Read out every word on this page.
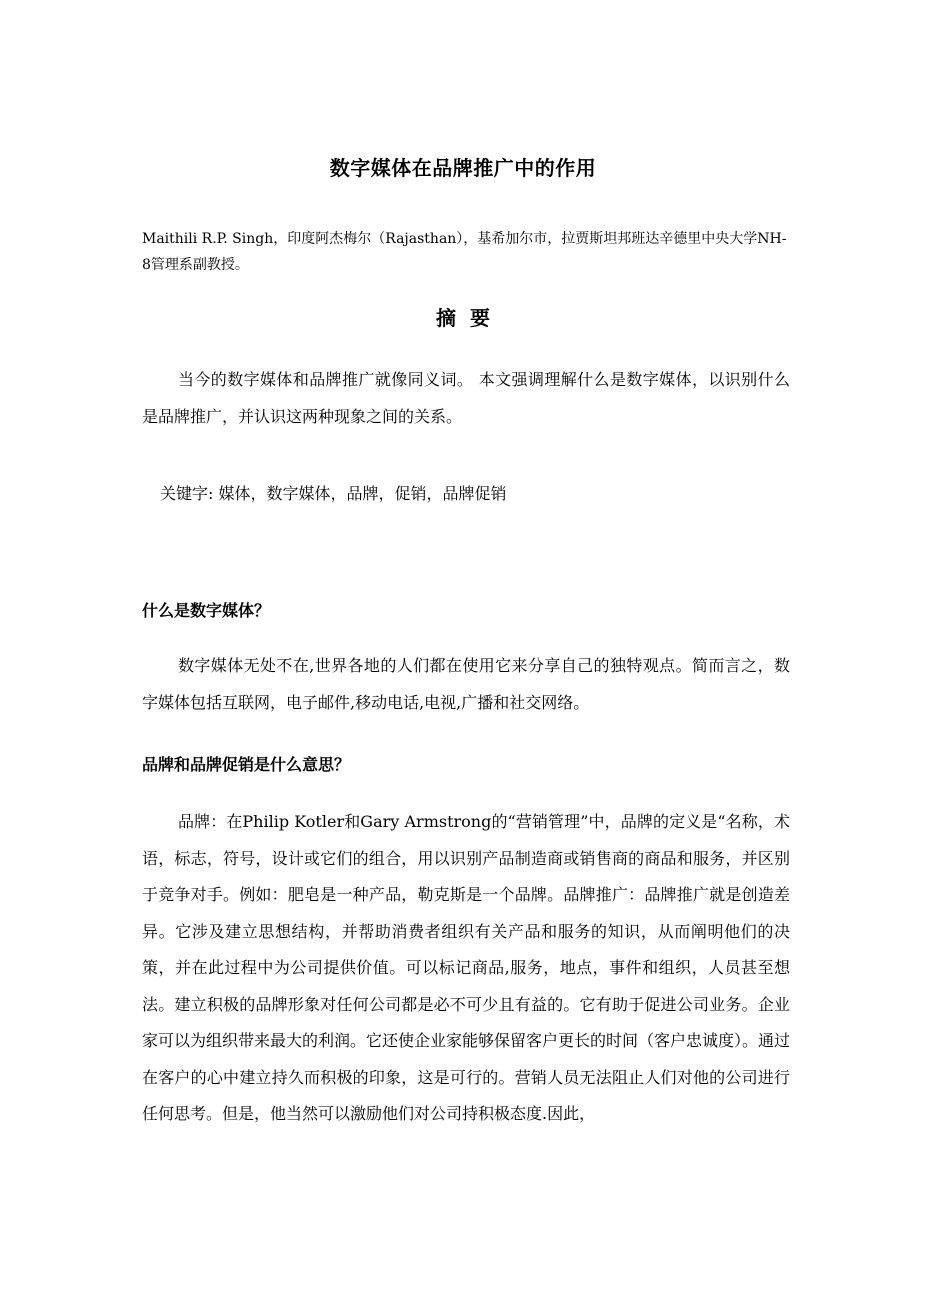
数字媒体在品牌推广中的作用
Maithili R.P. Singh，印度阿杰梅尔（Rajasthan），基希加尔市，拉贾斯坦邦班达辛德里中央大学NH-8管理系副教授。
摘要
当今的数字媒体和品牌推广就像同义词。 本文强调理解什么是数字媒体，以识别什么是品牌推广，并认识这两种现象之间的关系。
关键字: 媒体，数字媒体，品牌，促销，品牌促销
什么是数字媒体？
数字媒体无处不在,世界各地的人们都在使用它来分享自己的独特观点。简而言之，数字媒体包括互联网，电子邮件,移动电话,电视,广播和社交网络。
品牌和品牌促销是什么意思？
品牌：在Philip Kotler和Gary Armstrong的“营销管理”中，品牌的定义是“名称，术语，标志，符号，设计或它们的组合，用以识别产品制造商或销售商的商品和服务，并区别于竞争对手。例如：肥皂是一种产品，勒克斯是一个品牌。品牌推广：品牌推广就是创造差异。它涉及建立思想结构，并帮助消费者组织有关产品和服务的知识，从而阐明他们的决策，并在此过程中为公司提供价值。可以标记商品,服务，地点，事件和组织，人员甚至想法。建立积极的品牌形象对任何公司都是必不可少且有益的。它有助于促进公司业务。企业家可以为组织带来最大的利润。它还使企业家能够保留客户更长的时间（客户忠诚度）。通过在客户的心中建立持久而积极的印象，这是可行的。营销人员无法阻止人们对他的公司进行任何思考。但是，他当然可以激励他们对公司持积极态度.因此，
